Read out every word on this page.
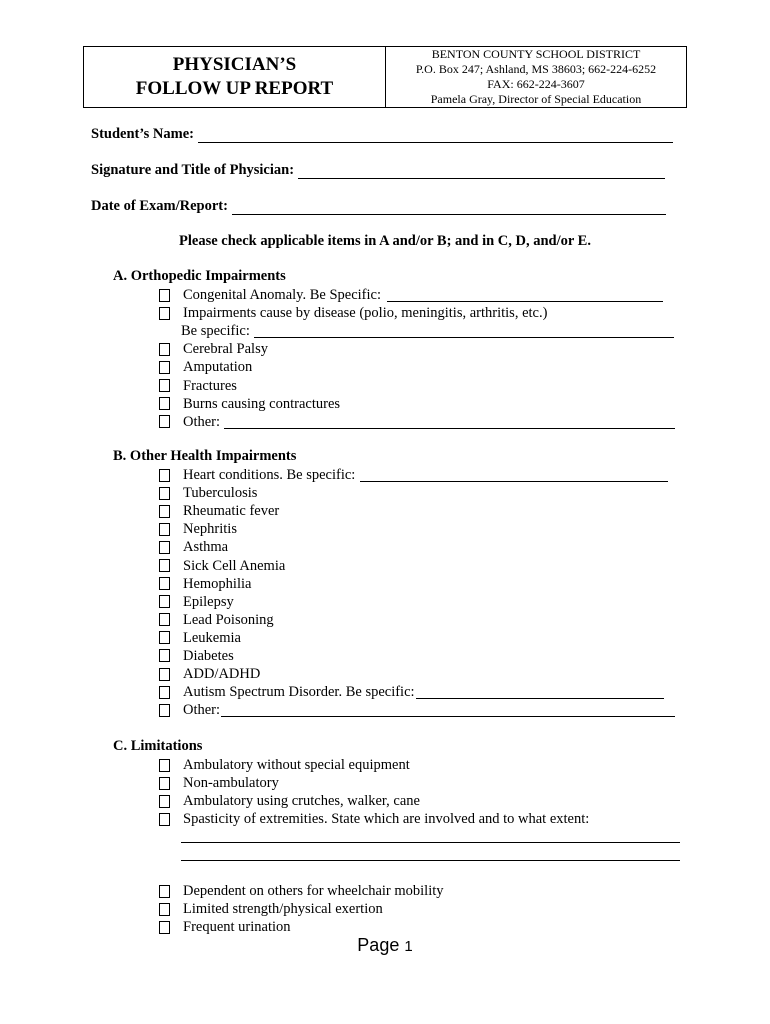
PHYSICIAN’S
FOLLOW UP REPORT
BENTON COUNTY SCHOOL DISTRICT
P.O. Box 247; Ashland, MS 38603; 662-224-6252
FAX: 662-224-3607
Pamela Gray, Director of Special Education
Student’s Name:
Signature and Title of Physician:
Date of Exam/Report:
Please check applicable items in A and/or B; and in C, D, and/or E.
A. Orthopedic Impairments
Congenital Anomaly. Be Specific:
Impairments cause by disease (polio, meningitis, arthritis, etc.)
Be specific:
Cerebral Palsy
Amputation
Fractures
Burns causing contractures
Other:
B. Other Health Impairments
Heart conditions. Be specific:
Tuberculosis
Rheumatic fever
Nephritis
Asthma
Sick Cell Anemia
Hemophilia
Epilepsy
Lead Poisoning
Leukemia
Diabetes
ADD/ADHD
Autism Spectrum Disorder. Be specific:
Other:
C. Limitations
Ambulatory without special equipment
Non-ambulatory
Ambulatory using crutches, walker, cane
Spasticity of extremities. State which are involved and to what extent:
Dependent on others for wheelchair mobility
Limited strength/physical exertion
Frequent urination
Page 1
